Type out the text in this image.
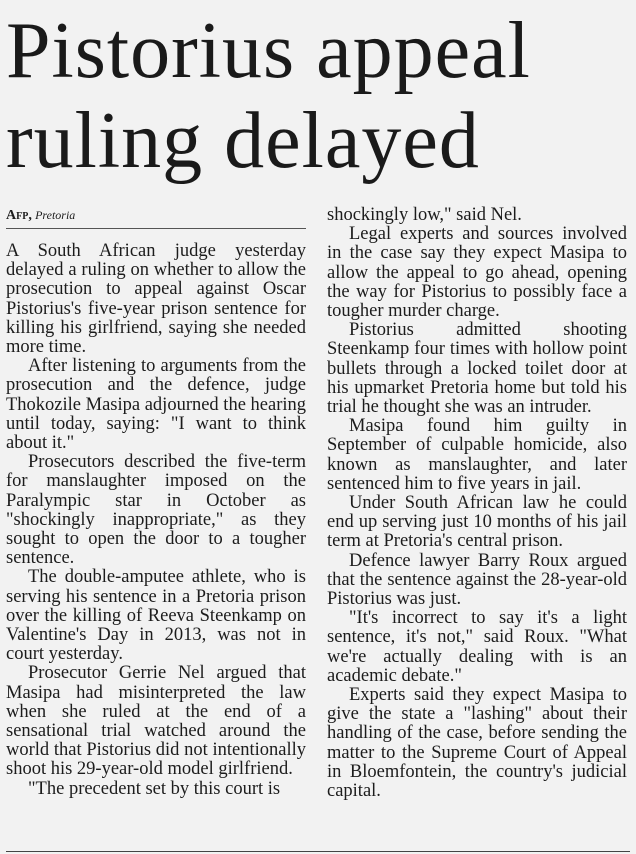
Pistorius appeal ruling delayed
Afp, Pretoria

A South African judge yesterday delayed a ruling on whether to allow the prosecution to appeal against Oscar Pistorius's five-year prison sentence for killing his girlfriend, saying she needed more time.

After listening to arguments from the prosecution and the defence, judge Thokozile Masipa adjourned the hearing until today, saying: "I want to think about it."

Prosecutors described the five-term for manslaughter imposed on the Paralympic star in October as "shockingly inappropriate," as they sought to open the door to a tougher sentence.

The double-amputee athlete, who is serving his sentence in a Pretoria prison over the killing of Reeva Steenkamp on Valentine's Day in 2013, was not in court yesterday.

Prosecutor Gerrie Nel argued that Masipa had misinterpreted the law when she ruled at the end of a sensational trial watched around the world that Pistorius did not intentionally shoot his 29-year-old model girlfriend.

"The precedent set by this court is

shockingly low," said Nel.

Legal experts and sources involved in the case say they expect Masipa to allow the appeal to go ahead, opening the way for Pistorius to possibly face a tougher murder charge.

Pistorius admitted shooting Steenkamp four times with hollow point bullets through a locked toilet door at his upmarket Pretoria home but told his trial he thought she was an intruder.

Masipa found him guilty in September of culpable homicide, also known as manslaughter, and later sentenced him to five years in jail.

Under South African law he could end up serving just 10 months of his jail term at Pretoria's central prison.

Defence lawyer Barry Roux argued that the sentence against the 28-year-old Pistorius was just.

"It's incorrect to say it's a light sentence, it's not," said Roux. "What we're actually dealing with is an academic debate."

Experts said they expect Masipa to give the state a "lashing" about their handling of the case, before sending the matter to the Supreme Court of Appeal in Bloemfontein, the country's judicial capital.
